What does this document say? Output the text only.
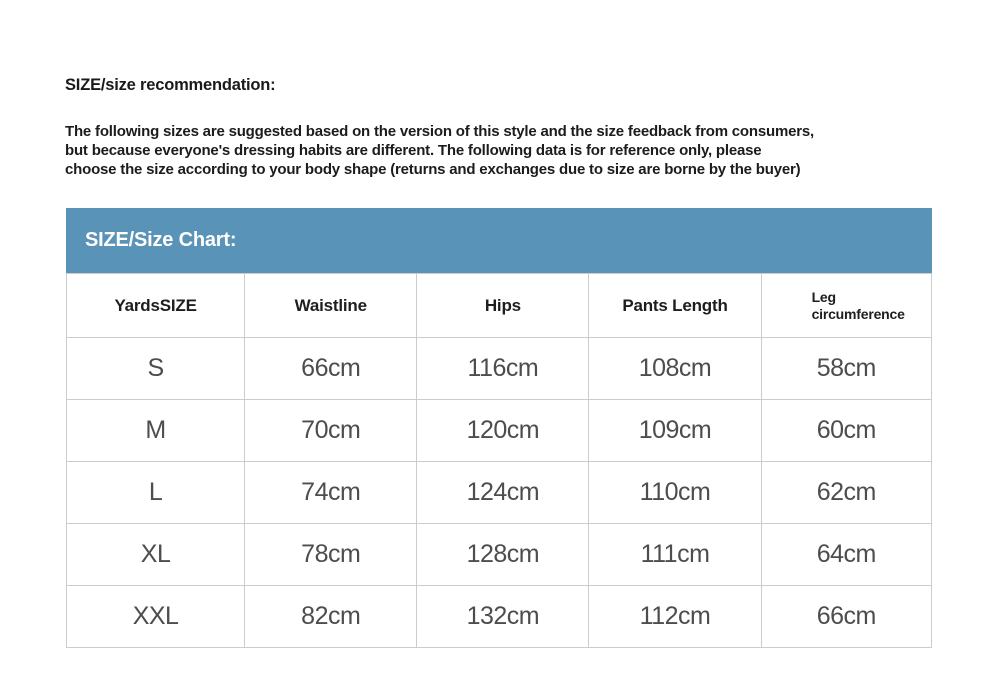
SIZE/size recommendation:
The following sizes are suggested based on the version of this style and the size feedback from consumers,
but because everyone's dressing habits are different. The following data is for reference only, please
choose the size according to your body shape (returns and exchanges due to size are borne by the buyer)
SIZE/Size Chart:
YardsSIZE	Waistline	Hips	Pants Length	Leg circumference
S	66cm	116cm	108cm	58cm
M	70cm	120cm	109cm	60cm
L	74cm	124cm	110cm	62cm
XL	78cm	128cm	111cm	64cm
XXL	82cm	132cm	112cm	66cm
